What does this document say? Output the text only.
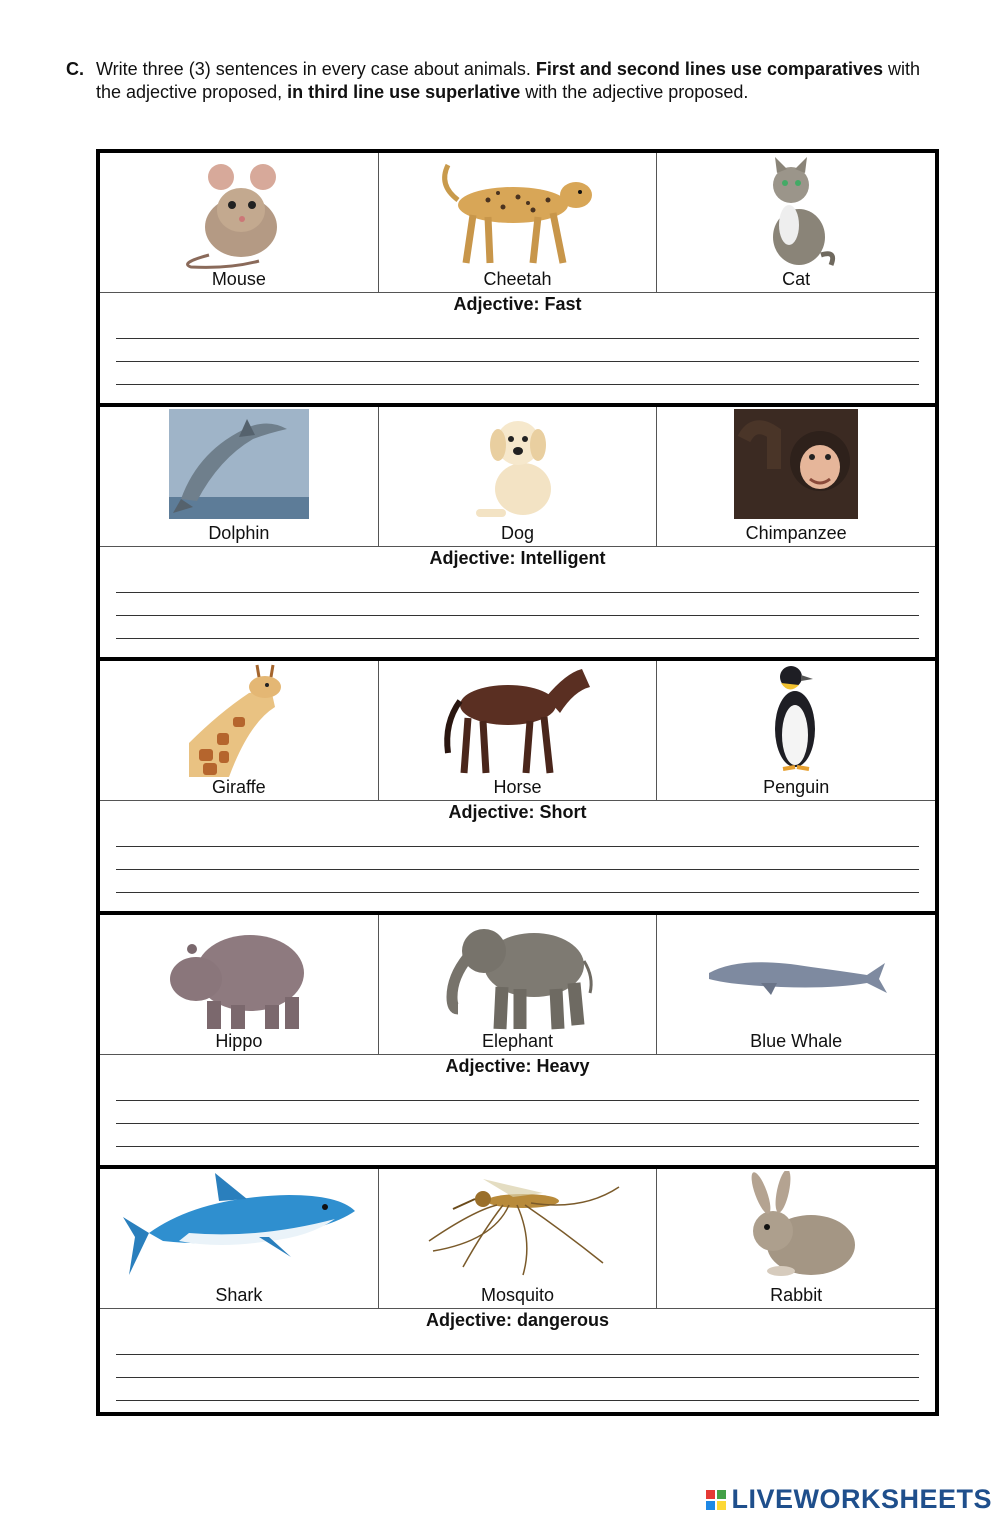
C. Write three (3) sentences in every case about animals. First and second lines use comparatives with the adjective proposed, in third line use superlative with the adjective proposed.
Mouse	Cheetah	Cat
Adjective: Fast
Dolphin	Dog	Chimpanzee
Adjective: Intelligent
Giraffe	Horse	Penguin
Adjective: Short
Hippo	Elephant	Blue Whale
Adjective: Heavy
Shark	Mosquito	Rabbit
Adjective: dangerous
LIVEWORKSHEETS
